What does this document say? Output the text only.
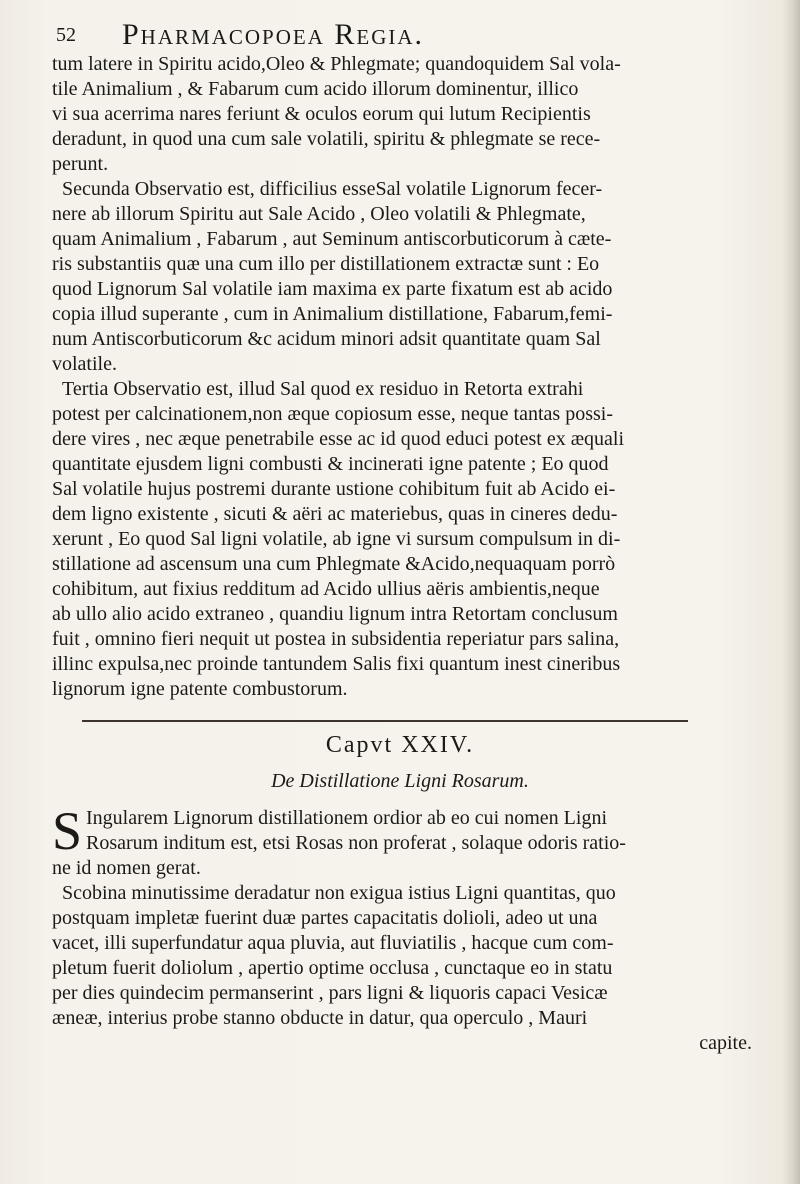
52 Pharmacopoea Regia.
tum latere in Spiritu acido,Oleo & Phlegmate; quandoquidem Sal vola-
tile Animalium , & Fabarum cum acido illorum dominentur, illico
vi sua acerrima nares feriunt & oculos eorum qui lutum Recipientis
deradunt, in quod una cum sale volatili, spiritu & phlegmate se rece-
perunt.
Secunda Observatio est, difficilius esseSal volatile Lignorum fecer-
nere ab illorum Spiritu aut Sale Acido , Oleo volatili & Phlegmate,
quam Animalium , Fabarum , aut Seminum antiscorbuticorum à cæte-
ris substantiis quæ una cum illo per distillationem extractæ sunt : Eo
quod Lignorum Sal volatile iam maxima ex parte fixatum est ab acido
copia illud superante , cum in Animalium distillatione, Fabarum,femi-
num Antiscorbuticorum &c acidum minori adsit quantitate quam Sal
volatile.
Tertia Observatio est, illud Sal quod ex residuo in Retorta extrahi
potest per calcinationem,non æque copiosum esse, neque tantas possi-
dere vires , nec æque penetrabile esse ac id quod educi potest ex æquali
quantitate ejusdem ligni combusti & incinerati igne patente ; Eo quod
Sal volatile hujus postremi durante ustione cohibitum fuit ab Acido ei-
dem ligno existente , sicuti & aëri ac materiebus, quas in cineres dedu-
xerunt , Eo quod Sal ligni volatile, ab igne vi sursum compulsum in di-
stillatione ad ascensum una cum Phlegmate &Acido,nequaquam porrò
cohibitum, aut fixius redditum ad Acido ullius aëris ambientis,neque
ab ullo alio acido extraneo , quandiu lignum intra Retortam conclusum
fuit , omnino fieri nequit ut postea in subsidentia reperiatur pars salina,
illinc expulsa,nec proinde tantundem Salis fixi quantum inest cineribus
lignorum igne patente combustorum.
Capvt XXIV.
De Distillatione Ligni Rosarum.
S Ingularem Lignorum distillationem ordior ab eo cui nomen Ligni
Rosarum inditum est, etsi Rosas non proferat , solaque odoris ratio-
ne id nomen gerat.
Scobina minutissime deradatur non exigua istius Ligni quantitas, quo
postquam impletæ fuerint duæ partes capacitatis dolioli, adeo ut una
vacet, illi superfundatur aqua pluvia, aut fluviatilis , hacque cum com-
pletum fuerit doliolum , apertio optime occlusa , cunctaque eo in statu
per dies quindecim permanserint , pars ligni & liquoris capaci Vesicæ
æneæ, interius probe stanno obducte in datur, qua operculo , Mauri
capite.
